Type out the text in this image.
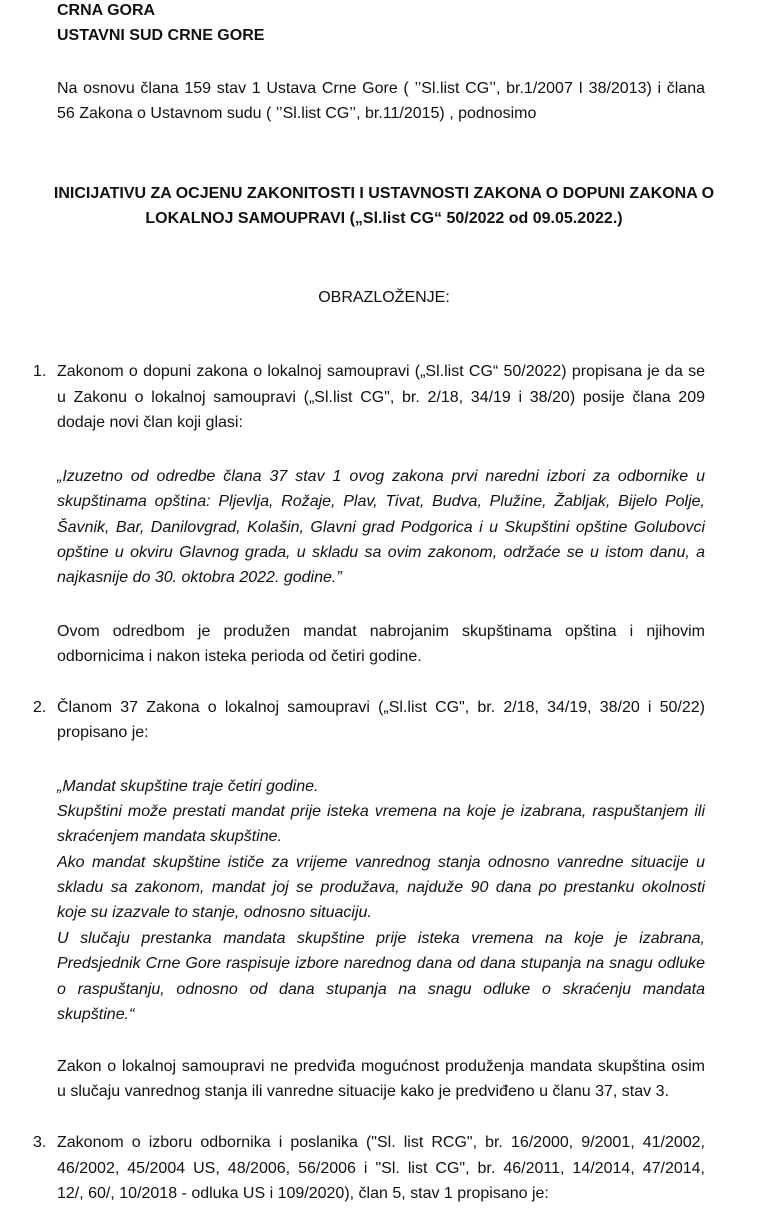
CRNA GORA
USTAVNI SUD CRNE GORE
Na osnovu člana 159 stav 1 Ustava Crne Gore ( ’’Sl.list CG’’, br.1/2007 I 38/2013) i člana
56 Zakona o Ustavnom sudu ( ’’Sl.list CG’’, br.11/2015) , podnosimo
INICIJATIVU ZA OCJENU ZAKONITOSTI I USTAVNOSTI ZAKONA O DOPUNI ZAKONA O
LOKALNOJ SAMOUPRAVI („Sl.list CG“ 50/2022 od 09.05.2022.)
OBRAZLOŽENJE:
1. Zakonom o dopuni zakona o lokalnoj samoupravi („Sl.list CG“ 50/2022) propisana je da se
u Zakonu o lokalnoj samoupravi („Sl.list CG", br. 2/18, 34/19 i 38/20) posije člana 209
dodaje novi član koji glasi:
„Izuzetno od odredbe člana 37 stav 1 ovog zakona prvi naredni izbori za odbornike u
skupštinama opština: Pljevlja, Rožaje, Plav, Tivat, Budva, Plužine, Žabljak, Bijelo Polje,
Šavnik, Bar, Danilovgrad, Kolašin, Glavni grad Podgorica i u Skupštini opštine Golubovci
opštine u okviru Glavnog grada, u skladu sa ovim zakonom, održaće se u istom danu, a
najkasnije do 30. oktobra 2022. godine.”
Ovom odredbom je produžen mandat nabrojanim skupštinama opština i njihovim
odbornicima i nakon isteka perioda od četiri godine.
2. Članom 37 Zakona o lokalnoj samoupravi („Sl.list CG", br. 2/18, 34/19, 38/20 i 50/22)
propisano je:
„Mandat skupštine traje četiri godine.
Skupštini može prestati mandat prije isteka vremena na koje je izabrana, raspuštanjem ili
skraćenjem mandata skupštine.
Ako mandat skupštine ističe za vrijeme vanrednog stanja odnosno vanredne situacije u
skladu sa zakonom, mandat joj se produžava, najduže 90 dana po prestanku okolnosti
koje su izazvale to stanje, odnosno situaciju.
U slučaju prestanka mandata skupštine prije isteka vremena na koje je izabrana,
Predsjednik Crne Gore raspisuje izbore narednog dana od dana stupanja na snagu odluke
o raspuštanju, odnosno od dana stupanja na snagu odluke o skraćenju mandata
skupštine.“
Zakon o lokalnoj samoupravi ne predviđa mogućnost produženja mandata skupština osim
u slučaju vanrednog stanja ili vanredne situacije kako je predviđeno u članu 37, stav 3.
3. Zakonom o izboru odbornika i poslanika ("Sl. list RCG", br. 16/2000, 9/2001, 41/2002,
46/2002, 45/2004 US, 48/2006, 56/2006 i "Sl. list CG", br. 46/2011, 14/2014, 47/2014,
12/, 60/, 10/2018 - odluka US i 109/2020), član 5, stav 1 propisano je:
